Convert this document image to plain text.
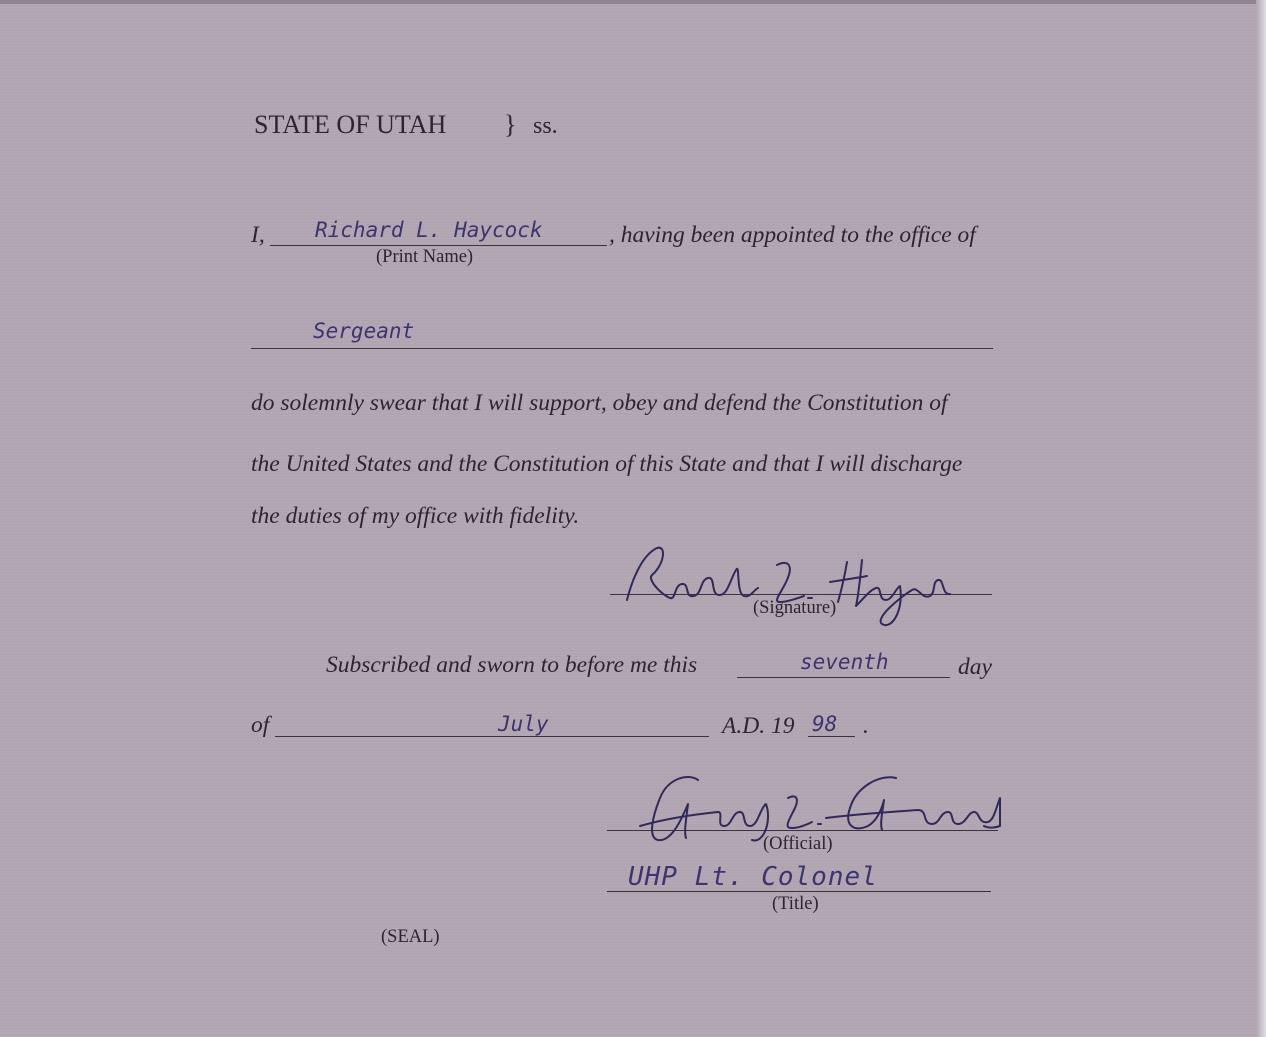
STATE OF UTAH } ss.
I, Richard L. Haycock	, having been appointed to the office of
(Print Name)
Sergeant
do solemnly swear that I will support, obey and defend the Constitution of
the United States and the Constitution of this State and that I will discharge
the duties of my office with fidelity.
(Signature)
Subscribed and sworn to before me this	seventh	day
of	July	A.D. 19 98 .
(Official)
UHP Lt. Colonel
(Title)
(SEAL)
